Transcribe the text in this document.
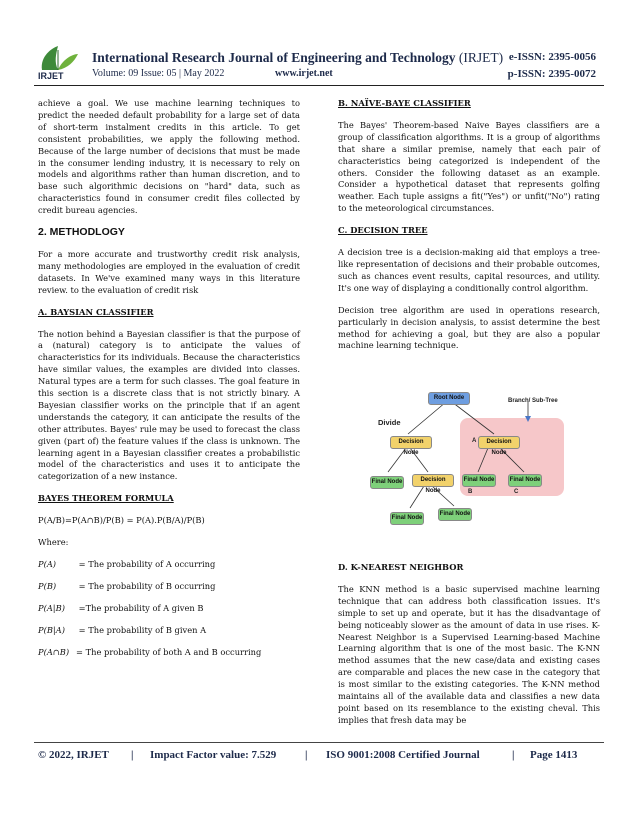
IRJET
International Research Journal of Engineering and Technology (IRJET) e-ISSN: 2395-0056
Volume: 09 Issue: 05 | May 2022	www.irjet.net	p-ISSN: 2395-0072

achieve a goal. We use machine learning techniques to predict the needed default probability for a large set of data of short-term instalment credits in this article. To get consistent probabilities, we apply the following method. Because of the large number of decisions that must be made in the consumer lending industry, it is necessary to rely on models and algorithms rather than human discretion, and to base such algorithmic decisions on "hard" data, such as characteristics found in consumer credit files collected by credit bureau agencies.

2. METHODLOGY

For a more accurate and trustworthy credit risk analysis, many methodologies are employed in the evaluation of credit datasets. In We've examined many ways in this literature review. to the evaluation of credit risk

A. BAYSIAN CLASSIFIER

The notion behind a Bayesian classifier is that the purpose of a (natural) category is to anticipate the values of characteristics for its individuals. Because the characteristics have similar values, the examples are divided into classes. Natural types are a term for such classes. The goal feature in this section is a discrete class that is not strictly binary. A Bayesian classifier works on the principle that if an agent understands the category, it can anticipate the results of the other attributes. Bayes' rule may be used to forecast the class given (part of) the feature values if the class is unknown. The learning agent in a Bayesian classifier creates a probabilistic model of the characteristics and uses it to anticipate the categorization of a new instance.

BAYES THEOREM FORMULA
P(A/B)=P(A∩B)/P(B) = P(A).P(B/A)/P(B)
Where:
P(A)	= The probability of A occurring
P(B)	= The probability of B occurring
P(A|B) =The probability of A given B
P(B|A) = The probability of B given A
P(A∩B) = The probability of both A and B occurring
B. NAÏVE-BAYE CLASSIFIER

The Bayes' Theorem-based Naive Bayes classifiers are a group of classification algorithms. It is a group of algorithms that share a similar premise, namely that each pair of characteristics being categorized is independent of the others. Consider the following dataset as an example. Consider a hypothetical dataset that represents golfing weather. Each tuple assigns a fit("Yes") or unfit("No") rating to the meteorological circumstances.

C. DECISION TREE

A decision tree is a decision-making aid that employs a tree-like representation of decisions and their probable outcomes, such as chances event results, capital resources, and utility. It's one way of displaying a conditionally control algorithm.

Decision tree algorithm are used in operations research, particularly in decision analysis, to assist determine the best method for achieving a goal, but they are also a popular machine learning technique.

Root Node	Branch/ Sub-Tree
Divide
Decision Node
A	Decision Node
Final Node	Decision Node
Final Node	Final Node
B	C
Final Node
Final Node
D. K-NEAREST NEIGHBOR

The KNN method is a basic supervised machine learning technique that can address both classification issues. It's simple to set up and operate, but it has the disadvantage of being noticeably slower as the amount of data in use rises. K-Nearest Neighbor is a Supervised Learning-based Machine Learning algorithm that is one of the most basic. The K-NN method assumes that the new case/data and existing cases are comparable and places the new case in the category that is most similar to the existing categories. The K-NN method maintains all of the available data and classifies a new data point based on its resemblance to the existing cheval. This implies that fresh data may be

© 2022, IRJET | Impact Factor value: 7.529	| ISO 9001:2008 Certified Journal	| Page 1413
